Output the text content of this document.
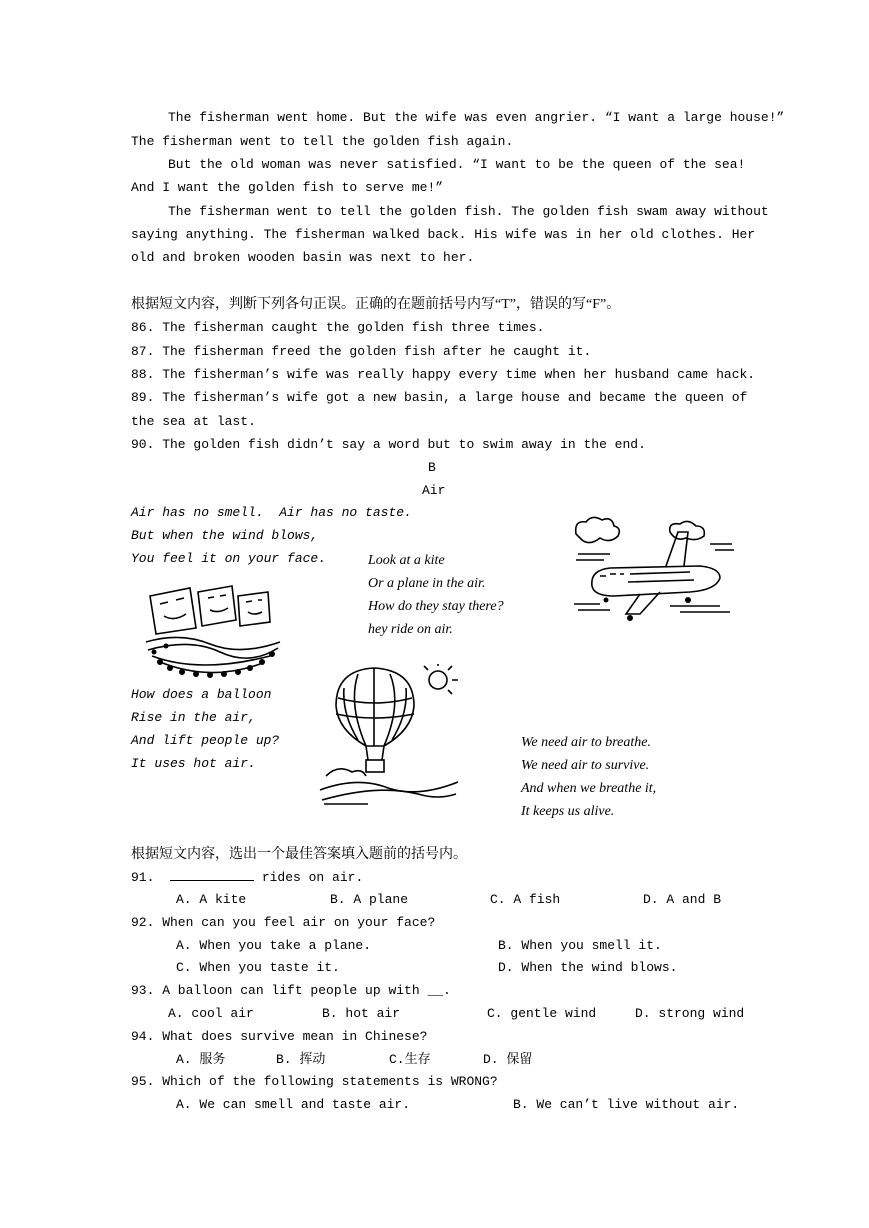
The fisherman went home. But the wife was even angrier. “I want a large house!”
The fisherman went to tell the golden fish again.
But the old woman was never satisfied. “I want to be the queen of the sea!
And I want the golden fish to serve me!”
The fisherman went to tell the golden fish. The golden fish swam away without
saying anything. The fisherman walked back. His wife was in her old clothes. Her
old and broken wooden basin was next to her.
根据短文内容，判断下列各句正误。正确的在题前括号内写“T”，错误的写“F”。
86. The fisherman caught the golden fish three times.
87. The fisherman freed the golden fish after he caught it.
88. The fisherman’s wife was really happy every time when her husband came hack.
89. The fisherman’s wife got a new basin, a large house and became the queen of
the sea at last.
90. The golden fish didn’t say a word but to swim away in the end.
B
Air
Air has no smell.  Air has no taste.
But when the wind blows,
You feel it on your face.	Look at a kite
Or a plane in the air.
How do they stay there?
hey ride on air.
How does a balloon
Rise in the air,
And lift people up?
It uses hot air.
We need air to breathe.
We need air to survive.
And when we breathe it,
It keeps us alive.
根据短文内容，选出一个最佳答案填入题前的括号内。
91.	rides on air.
A. A kite	B. A plane	C. A fish	D. A and B
92. When can you feel air on your face?
A. When you take a plane.	B. When you smell it.
C. When you taste it.	D. When the wind blows.
93. A balloon can lift people up with __.
A. cool air	B. hot air	C. gentle wind	D. strong wind
94. What does survive mean in Chinese?
A. 服务	B. 挥动	C.生存	D. 保留
95. Which of the following statements is WRONG?
A. We can smell and taste air.	B. We can’t live without air.
